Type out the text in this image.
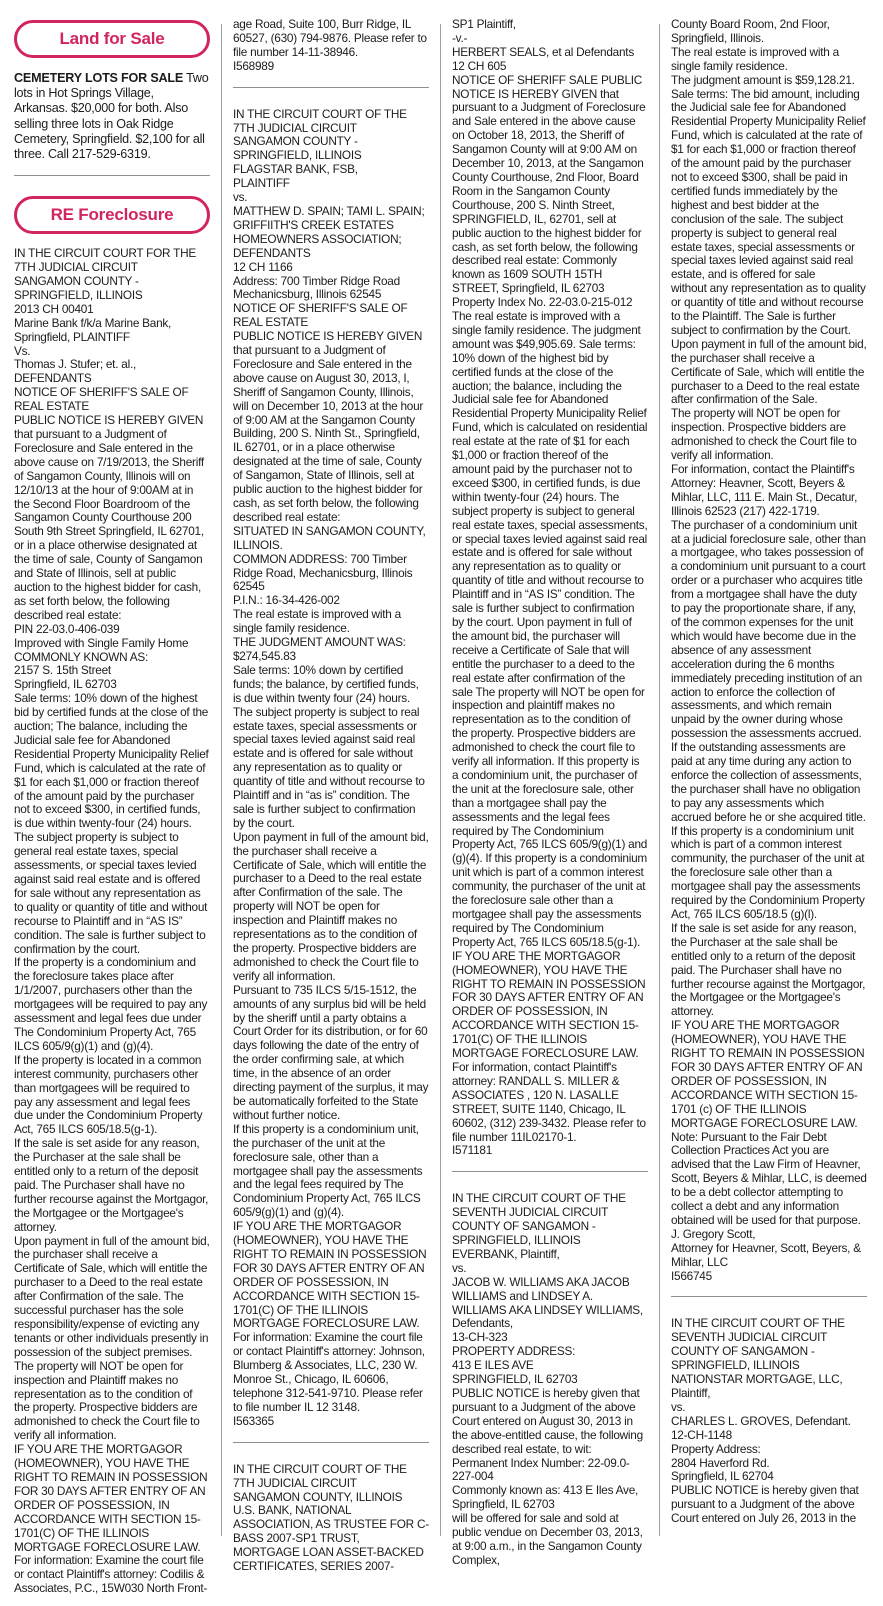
Land for Sale

CEMETERY LOTS FOR SALE Two lots in Hot Springs Village, Arkansas. $20,000 for both. Also selling three lots in Oak Ridge Cemetery, Springfield. $2,100 for all three. Call 217-529-6319.

RE Foreclosure
IN THE CIRCUIT COURT FOR THE 7TH JUDICIAL CIRCUIT
SANGAMON COUNTY - SPRINGFIELD, ILLINOIS
2013 CH 00401
Marine Bank f/k/a Marine Bank, Springfield, PLAINTIFF
Vs.
Thomas J. Stufer; et. al., DEFENDANTS
NOTICE OF SHERIFF'S SALE OF REAL ESTATE
PUBLIC NOTICE IS HEREBY GIVEN that pursuant to a Judgment of Foreclosure and Sale entered in the above cause on 7/19/2013, the Sheriff of Sangamon County, Illinois will on 12/10/13 at the hour of 9:00AM at in the Second Floor Boardroom of the Sangamon County Courthouse 200 South 9th Street Springfield, IL 62701, or in a place otherwise designated at the time of sale, County of Sangamon and State of Illinois, sell at public auction to the highest bidder for cash, as set forth below, the following described real estate:
PIN 22-03.0-406-039
Improved with Single Family Home
COMMONLY KNOWN AS:
2157 S. 15th Street
Springfield, IL 62703
Sale terms: 10% down of the highest bid by certified funds at the close of the auction; The balance, including the Judicial sale fee for Abandoned Residential Property Municipality Relief Fund, which is calculated at the rate of $1 for each $1,000 or fraction thereof of the amount paid by the purchaser not to exceed $300, in certified funds, is due within twenty-four (24) hours. The subject property is subject to general real estate taxes, special assessments, or special taxes levied against said real estate and is offered for sale without any representation as to quality or quantity of title and without recourse to Plaintiff and in “AS IS” condition. The sale is further subject to confirmation by the court.
If the property is a condominium and the foreclosure takes place after 1/1/2007, purchasers other than the mortgagees will be required to pay any assessment and legal fees due under The Condominium Property Act, 765 ILCS 605/9(g)(1) and (g)(4).
If the property is located in a common interest community, purchasers other than mortgagees will be required to pay any assessment and legal fees due under the Condominium Property Act, 765 ILCS 605/18.5(g-1).
If the sale is set aside for any reason, the Purchaser at the sale shall be entitled only to a return of the deposit paid. The Purchaser shall have no further recourse against the Mortgagor, the Mortgagee or the Mortgagee's attorney.
Upon payment in full of the amount bid, the purchaser shall receive a Certificate of Sale, which will entitle the purchaser to a Deed to the real estate after Confirmation of the sale. The successful purchaser has the sole responsibility/expense of evicting any tenants or other individuals presently in possession of the subject premises.
The property will NOT be open for inspection and Plaintiff makes no representation as to the condition of the property. Prospective bidders are admonished to check the Court file to verify all information.
IF YOU ARE THE MORTGAGOR (HOMEOWNER), YOU HAVE THE RIGHT TO REMAIN IN POSSESSION FOR 30 DAYS AFTER ENTRY OF AN ORDER OF POSSESSION, IN ACCORDANCE WITH SECTION 15-1701(C) OF THE ILLINOIS MORTGAGE FORECLOSURE LAW.
For information: Examine the court file or contact Plaintiff's attorney: Codilis & Associates, P.C., 15W030 North Front-
age Road, Suite 100, Burr Ridge, IL 60527, (630) 794-9876. Please refer to file number 14-11-38946.
I568989
IN THE CIRCUIT COURT OF THE 7TH JUDICIAL CIRCUIT
SANGAMON COUNTY - SPRINGFIELD, ILLINOIS
FLAGSTAR BANK, FSB,
PLAINTIFF
vs.
MATTHEW D. SPAIN; TAMI L. SPAIN; GRIFFIITH'S CREEK ESTATES HOMEOWNERS ASSOCIATION;
DEFENDANTS
12 CH 1166
Address: 700 Timber Ridge Road Mechanicsburg, Illinois 62545
NOTICE OF SHERIFF'S SALE OF REAL ESTATE
PUBLIC NOTICE IS HEREBY GIVEN that pursuant to a Judgment of Foreclosure and Sale entered in the above cause on August 30, 2013, I, Sheriff of Sangamon County, Illinois, will on December 10, 2013 at the hour of 9:00 AM at the Sangamon County Building, 200 S. Ninth St., Springfield, IL 62701, or in a place otherwise designated at the time of sale, County of Sangamon, State of Illinois, sell at public auction to the highest bidder for cash, as set forth below, the following described real estate:
SITUATED IN SANGAMON COUNTY, ILLINOIS.
COMMON ADDRESS: 700 Timber Ridge Road, Mechanicsburg, Illinois 62545
P.I.N.: 16-34-426-002
The real estate is improved with a single family residence.
THE JUDGMENT AMOUNT WAS: $274,545.83
Sale terms: 10% down by certified funds; the balance, by certified funds, is due within twenty four (24) hours. The subject property is subject to real estate taxes, special assessments or special taxes levied against said real estate and is offered for sale without any representation as to quality or quantity of title and without recourse to Plaintiff and in “as is” condition. The sale is further subject to confirmation by the court.
Upon payment in full of the amount bid, the purchaser shall receive a Certificate of Sale, which will entitle the purchaser to a Deed to the real estate after Confirmation of the sale. The property will NOT be open for inspection and Plaintiff makes no representations as to the condition of the property. Prospective bidders are admonished to check the Court file to verify all information.
Pursuant to 735 ILCS 5/15-1512, the amounts of any surplus bid will be held by the sheriff until a party obtains a Court Order for its distribution, or for 60 days following the date of the entry of the order confirming sale, at which time, in the absence of an order directing payment of the surplus, it may be automatically forfeited to the State without further notice.
If this property is a condominium unit, the purchaser of the unit at the foreclosure sale, other than a mortgagee shall pay the assessments and the legal fees required by The Condominium Property Act, 765 ILCS 605/9(g)(1) and (g)(4).
IF YOU ARE THE MORTGAGOR (HOMEOWNER), YOU HAVE THE RIGHT TO REMAIN IN POSSESSION FOR 30 DAYS AFTER ENTRY OF AN ORDER OF POSSESSION, IN ACCORDANCE WITH SECTION 15-1701(C) OF THE ILLINOIS MORTGAGE FORECLOSURE LAW.
For information: Examine the court file or contact Plaintiff's attorney: Johnson, Blumberg & Associates, LLC, 230 W. Monroe St., Chicago, IL 60606, telephone 312-541-9710. Please refer to file number IL 12 3148.
I563365
IN THE CIRCUIT COURT OF THE 7TH JUDICIAL CIRCUIT
SANGAMON COUNTY, ILLINOIS
U.S. BANK, NATIONAL ASSOCIATION, AS TRUSTEE FOR C-BASS 2007-SP1 TRUST, MORTGAGE LOAN ASSET-BACKED CERTIFICATES, SERIES 2007-
SP1 Plaintiff,
-v.-
HERBERT SEALS, et al Defendants
12 CH 605
NOTICE OF SHERIFF SALE PUBLIC NOTICE IS HEREBY GIVEN that pursuant to a Judgment of Foreclosure and Sale entered in the above cause on October 18, 2013, the Sheriff of Sangamon County will at 9:00 AM on December 10, 2013, at the Sangamon County Courthouse, 2nd Floor, Board Room in the Sangamon County Courthouse, 200 S. Ninth Street, SPRINGFIELD, IL, 62701, sell at public auction to the highest bidder for cash, as set forth below, the following described real estate: Commonly known as 1609 SOUTH 15TH STREET, Springfield, IL 62703 Property Index No. 22-03.0-215-012 The real estate is improved with a single family residence. The judgment amount was $49,905.69. Sale terms: 10% down of the highest bid by certified funds at the close of the auction; the balance, including the Judicial sale fee for Abandoned Residential Property Municipality Relief Fund, which is calculated on residential real estate at the rate of $1 for each $1,000 or fraction thereof of the amount paid by the purchaser not to exceed $300, in certified funds, is due within twenty-four (24) hours. The subject property is subject to general real estate taxes, special assessments, or special taxes levied against said real estate and is offered for sale without any representation as to quality or quantity of title and without recourse to Plaintiff and in “AS IS” condition. The sale is further subject to confirmation by the court. Upon payment in full of the amount bid, the purchaser will receive a Certificate of Sale that will entitle the purchaser to a deed to the real estate after confirmation of the sale The property will NOT be open for inspection and plaintiff makes no representation as to the condition of the property. Prospective bidders are admonished to check the court file to verify all information. If this property is a condominium unit, the purchaser of the unit at the foreclosure sale, other than a mortgagee shall pay the assessments and the legal fees required by The Condominium Property Act, 765 ILCS 605/9(g)(1) and (g)(4). If this property is a condominium unit which is part of a common interest community, the purchaser of the unit at the foreclosure sale other than a mortgagee shall pay the assessments required by The Condominium Property Act, 765 ILCS 605/18.5(g-1). IF YOU ARE THE MORTGAGOR (HOMEOWNER), YOU HAVE THE RIGHT TO REMAIN IN POSSESSION FOR 30 DAYS AFTER ENTRY OF AN ORDER OF POSSESSION, IN ACCORDANCE WITH SECTION 15-1701(C) OF THE ILLINOIS MORTGAGE FORECLOSURE LAW. For information, contact Plaintiff's attorney: RANDALL S. MILLER & ASSOCIATES , 120 N. LASALLE STREET, SUITE 1140, Chicago, IL 60602, (312) 239-3432. Please refer to file number 11IL02170-1.
I571181
IN THE CIRCUIT COURT OF THE SEVENTH JUDICIAL CIRCUIT
COUNTY OF SANGAMON - SPRINGFIELD, ILLINOIS
EVERBANK, Plaintiff,
vs.
JACOB W. WILLIAMS AKA JACOB WILLIAMS and LINDSEY A. WILLIAMS AKA LINDSEY WILLIAMS, Defendants,
13-CH-323
PROPERTY ADDRESS:
413 E ILES AVE
SPRINGFIELD, IL 62703
PUBLIC NOTICE is hereby given that pursuant to a Judgment of the above Court entered on August 30, 2013 in the above-entitled cause, the following described real estate, to wit:
Permanent Index Number: 22-09.0-227-004
Commonly known as: 413 E Iles Ave, Springfield, IL 62703
will be offered for sale and sold at public vendue on December 03, 2013, at 9:00 a.m., in the Sangamon County Complex,
County Board Room, 2nd Floor, Springfield, Illinois.
The real estate is improved with a single family residence.
The judgment amount is $59,128.21.
Sale terms: The bid amount, including the Judicial sale fee for Abandoned Residential Property Municipality Relief Fund, which is calculated at the rate of $1 for each $1,000 or fraction thereof of the amount paid by the purchaser not to exceed $300, shall be paid in certified funds immediately by the highest and best bidder at the conclusion of the sale. The subject property is subject to general real estate taxes, special assessments or special taxes levied against said real estate, and is offered for sale
without any representation as to quality or quantity of title and without recourse to the Plaintiff. The Sale is further subject to confirmation by the Court.
Upon payment in full of the amount bid, the purchaser shall receive a Certificate of Sale, which will entitle the purchaser to a Deed to the real estate after confirmation of the Sale.
The property will NOT be open for inspection. Prospective bidders are admonished to check the Court file to verify all information.
For information, contact the Plaintiff's Attorney: Heavner, Scott, Beyers & Mihlar, LLC, 111 E. Main St., Decatur, Illinois 62523 (217) 422-1719.
The purchaser of a condominium unit at a judicial foreclosure sale, other than a mortgagee, who takes possession of a condominium unit pursuant to a court order or a purchaser who acquires title from a mortgagee shall have the duty to pay the proportionate share, if any, of the common expenses for the unit which would have become due in the absence of any assessment acceleration during the 6 months immediately preceding institution of an action to enforce the collection of assessments, and which remain unpaid by the owner during whose possession the assessments accrued. If the outstanding assessments are paid at any time during any action to enforce the collection of assessments, the purchaser shall have no obligation to pay any assessments which accrued before he or she acquired title. If this property is a condominium unit which is part of a common interest community, the purchaser of the unit at the foreclosure sale other than a mortgagee shall pay the assessments required by the Condominium Property Act, 765 ILCS 605/18.5 (g)(l).
If the sale is set aside for any reason, the Purchaser at the sale shall be entitled only to a return of the deposit paid. The Purchaser shall have no further recourse against the Mortgagor, the Mortgagee or the Mortgagee's attorney.
IF YOU ARE THE MORTGAGOR (HOMEOWNER), YOU HAVE THE RIGHT TO REMAIN IN POSSESSION FOR 30 DAYS AFTER ENTRY OF AN ORDER OF POSSESSION, IN ACCORDANCE WITH SECTION 15-1701 (c) OF THE ILLINOIS MORTGAGE FORECLOSURE LAW.
Note: Pursuant to the Fair Debt Collection Practices Act you are advised that the Law Firm of Heavner, Scott, Beyers & Mihlar, LLC, is deemed to be a debt collector attempting to collect a debt and any information obtained will be used for that purpose.
J. Gregory Scott,
Attorney for Heavner, Scott, Beyers, & Mihlar, LLC
I566745
IN THE CIRCUIT COURT OF THE SEVENTH JUDICIAL CIRCUIT
COUNTY OF SANGAMON - SPRINGFIELD, ILLINOIS
NATIONSTAR MORTGAGE, LLC, Plaintiff,
vs.
CHARLES L. GROVES, Defendant.
12-CH-1148
Property Address:
2804 Haverford Rd.
Springfield, IL 62704
PUBLIC NOTICE is hereby given that pursuant to a Judgment of the above Court entered on July 26, 2013 in the
